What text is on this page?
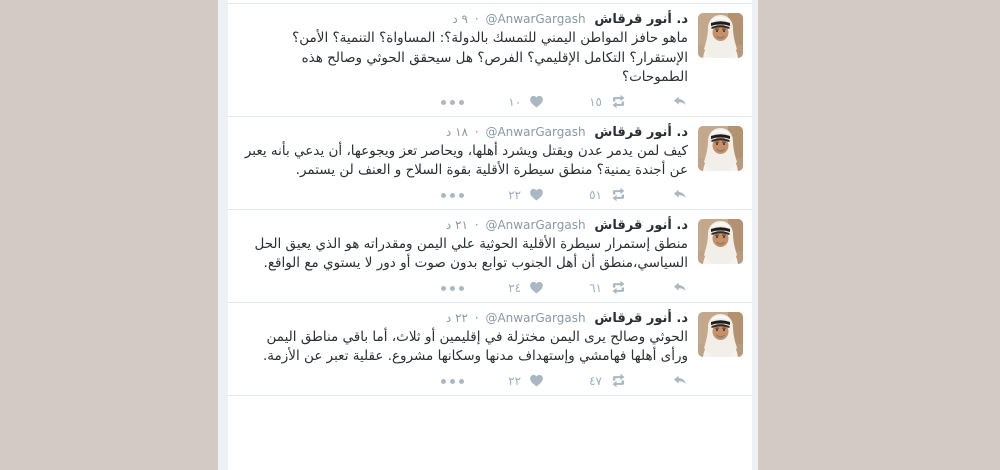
د. أنور قرقاش @AnwarGargash · ٩ د

ماهو حافز المواطن اليمني للتمسك بالدولة؟: المساواة؟ التنمية؟ الأمن؟ الإستقرار؟ التكامل الإقليمي؟ الفرص؟ هل سيحقق الحوثي وصالح هذه الطموحات؟

١٥
١٠
د. أنور قرقاش @AnwarGargash · ١٨ د

كيف لمن يدمر عدن ويقتل ويشرد أهلها، ويحاصر تعز ويجوعها، أن يدعي بأنه يعبر عن أجندة يمنية؟ منطق سيطرة الأقلية بقوة السلاح و العنف لن يستمر.

٥١
٢٢
د. أنور قرقاش @AnwarGargash · ٢١ د

منطق إستمرار سيطرة الأقلية الحوثية علي اليمن ومقدراته هو الذي يعيق الحل السياسي،منطق أن أهل الجنوب توابع بدون صوت أو دور لا يستوي مع الواقع.

٦١
٢٤
د. أنور قرقاش @AnwarGargash · ٢٢ د

الحوثي وصالح يرى اليمن مختزلة في إقليمين أو ثلاث، أما باقي مناطق اليمن ورأى أهلها فهامشي وإستهداف مدنها وسكانها مشروع. عقلية تعبر عن الأزمة.

٤٧
٢٢
